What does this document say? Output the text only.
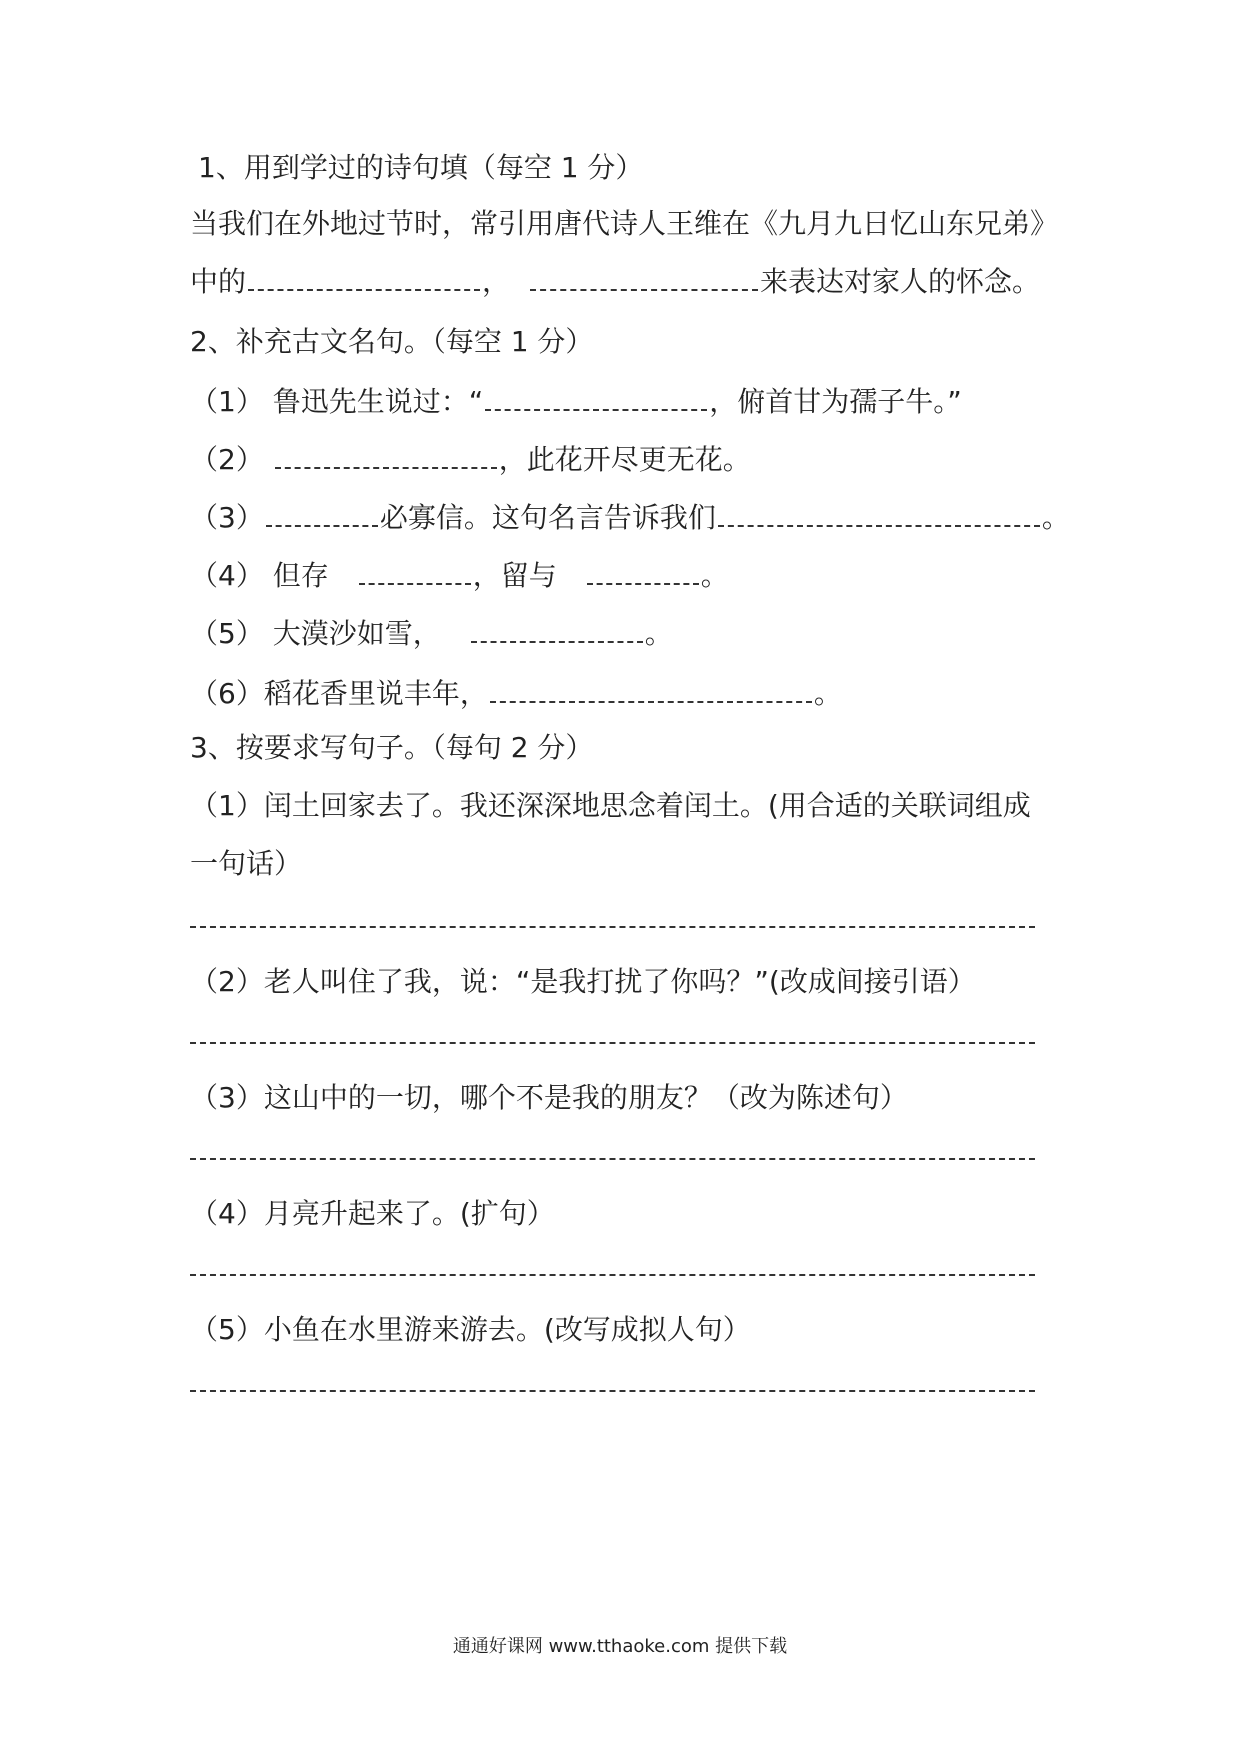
1、用到学过的诗句填（每空 1 分）
当我们在外地过节时，常引用唐代诗人王维在《九月九日忆山东兄弟》
中的	，	来表达对家人的怀念。
2、补充古文名句。（每空 1 分）
（1） 鲁迅先生说过：“	，俯首甘为孺子牛。”
（2）	，此花开尽更无花。
（3）	必寡信。这句名言告诉我们	。
（4） 但存	，留与	。
（5） 大漠沙如雪，	。
（6）稻花香里说丰年，	。
3、按要求写句子。（每句 2 分）
（1）闰土回家去了。我还深深地思念着闰土。(用合适的关联词组成
一句话）
（2）老人叫住了我，说：“是我打扰了你吗？”(改成间接引语）
（3）这山中的一切，哪个不是我的朋友？（改为陈述句）
（4）月亮升起来了。(扩句）
（5）小鱼在水里游来游去。(改写成拟人句）
通通好课网 www.tthaoke.com 提供下载
